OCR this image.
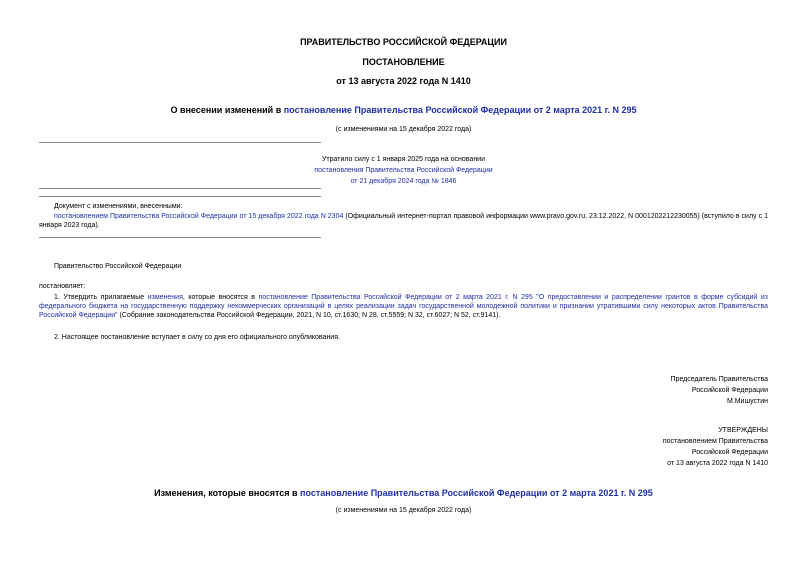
ПРАВИТЕЛЬСТВО РОССИЙСКОЙ ФЕДЕРАЦИИ
ПОСТАНОВЛЕНИЕ
от 13 августа 2022 года N 1410
О внесении изменений в постановление Правительства Российской Федерации от 2 марта 2021 г. N 295
(с изменениями на 15 декабря 2022 года)
Утратило силу с 1 января 2025 года на основании
постановления Правительства Российской Федерации
от 21 декабря 2024 года № 1846
Документ с изменениями, внесенными:
постановлением Правительства Российской Федерации от 15 декабря 2022 года N 2304 (Официальный интернет-портал правовой информации www.pravo.gov.ru, 23.12.2022, N 0001202212230055) (вступило в силу с 1 января 2023 года).
Правительство Российской Федерации
постановляет:
1. Утвердить прилагаемые изменения, которые вносятся в постановление Правительства Российской Федерации от 2 марта 2021 г. N 295 "О предоставлении и распределении грантов в форме субсидий из федерального бюджета на государственную поддержку некоммерческих организаций в целях реализации задач государственной молодежной политики и признании утратившими силу некоторых актов Правительства Российской Федерации" (Собрание законодательства Российской Федерации, 2021, N 10, ст.1630; N 28, ст.5559; N 32, ст.6027; N 52, ст.9141).
2. Настоящее постановление вступает в силу со дня его официального опубликования.
Председатель Правительства
Российской Федерации
М.Мишустин
УТВЕРЖДЕНЫ
постановлением Правительства
Российской Федерации
от 13 августа 2022 года N 1410
Изменения, которые вносятся в постановление Правительства Российской Федерации от 2 марта 2021 г. N 295
(с изменениями на 15 декабря 2022 года)
